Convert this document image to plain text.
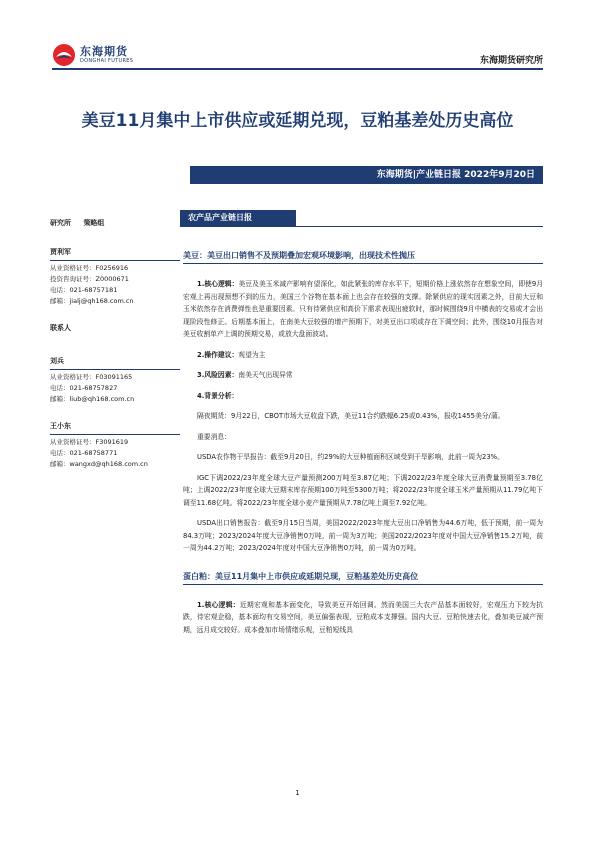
东海期货
DONGHAI FUTURES	东海期货研究所
美豆11月集中上市供应或延期兑现，豆粕基差处历史高位
东海期货|产业链日报 2022年9月20日
研究所 策略组
贾利军
从业资格证号：F0256916
投资咨询证号：Z0000671
电话：021-68757181
邮箱：jialj@qh168.com.cn
联系人
刘兵
从业资格证号：F03091165
电话：021-68757827
邮箱：liub@qh168.com.cn
王小东
从业资格证号：F3091619
电话：021-68758771
邮箱：wangxd@qh168.com.cn
农产品产业链日报
美豆：美豆出口销售不及预期叠加宏观环境影响，出现技术性抛压

1.核心逻辑：美豆及美玉米减产影响有望深化，如此紧张的库存水平下，短期价格上涨依然存在想象空间，即使9月宏观上再出现预想不到的压力，美国三个谷物在基本面上也会存在较强的支撑。除紧供应的现实因素之外，目前大豆和玉米依然存在消费弹性也是重要因素。只有待紧供应和高价下需求表现出疲软时，那时候围绕9月中横表的交易或才会出现阶段性修正。后期基本面上，在南美大豆较强的增产预期下，对美豆出口项或存在下调空间；此外，围绕10月报告对美豆收割单产上调的预期交易，或放大盘面波动。

2.操作建议：观望为主

3.风险因素：南美天气出现异常

4.背景分析：

隔夜期货：9月22日，CBOT市场大豆收盘下跌，美豆11合约跌幅6.25或0.43%，报收1455美分/蒲。

重要消息：

USDA农作物干旱报告：截至9月20日，约29%的大豆种植面积区域受到干旱影响，此前一周为23%。

IGC下调2022/23年度全球大豆产量预测200万吨至3.87亿吨；下调2022/23年度全球大豆消费量预期至3.78亿吨；上调2022/23年度全球大豆期末库存预期100万吨至5300万吨；将2022/23年度全球玉米产量预期从11.79亿吨下调至11.68亿吨。将2022/23年度全球小麦产量预期从7.78亿吨上调至7.92亿吨。

USDA出口销售报告：截至9月15日当周，美国2022/2023年度大豆出口净销售为44.6万吨，低于预期，前一周为84.3万吨；2023/2024年度大豆净销售0万吨，前一周为3万吨；美国2022/2023年度对中国大豆净销售15.2万吨，前一周为44.2万吨；2023/2024年度对中国大豆净销售0万吨，前一周为0万吨。

蛋白粕：美豆11月集中上市供应或延期兑现，豆粕基差处历史高位

1.核心逻辑：近期宏观和基本面变化，导致美豆开始回调。然而美国三大农产品基本面较好，宏观压力下较为抗跌，待宏观企稳，基本面均有交易空间，美豆偏强表现，豆粕成本支撑强。国内大豆、豆粕快速去化，叠加美豆减产预期，远月成交较好。成本叠加市场情绪乐观，豆粕短线具

1
